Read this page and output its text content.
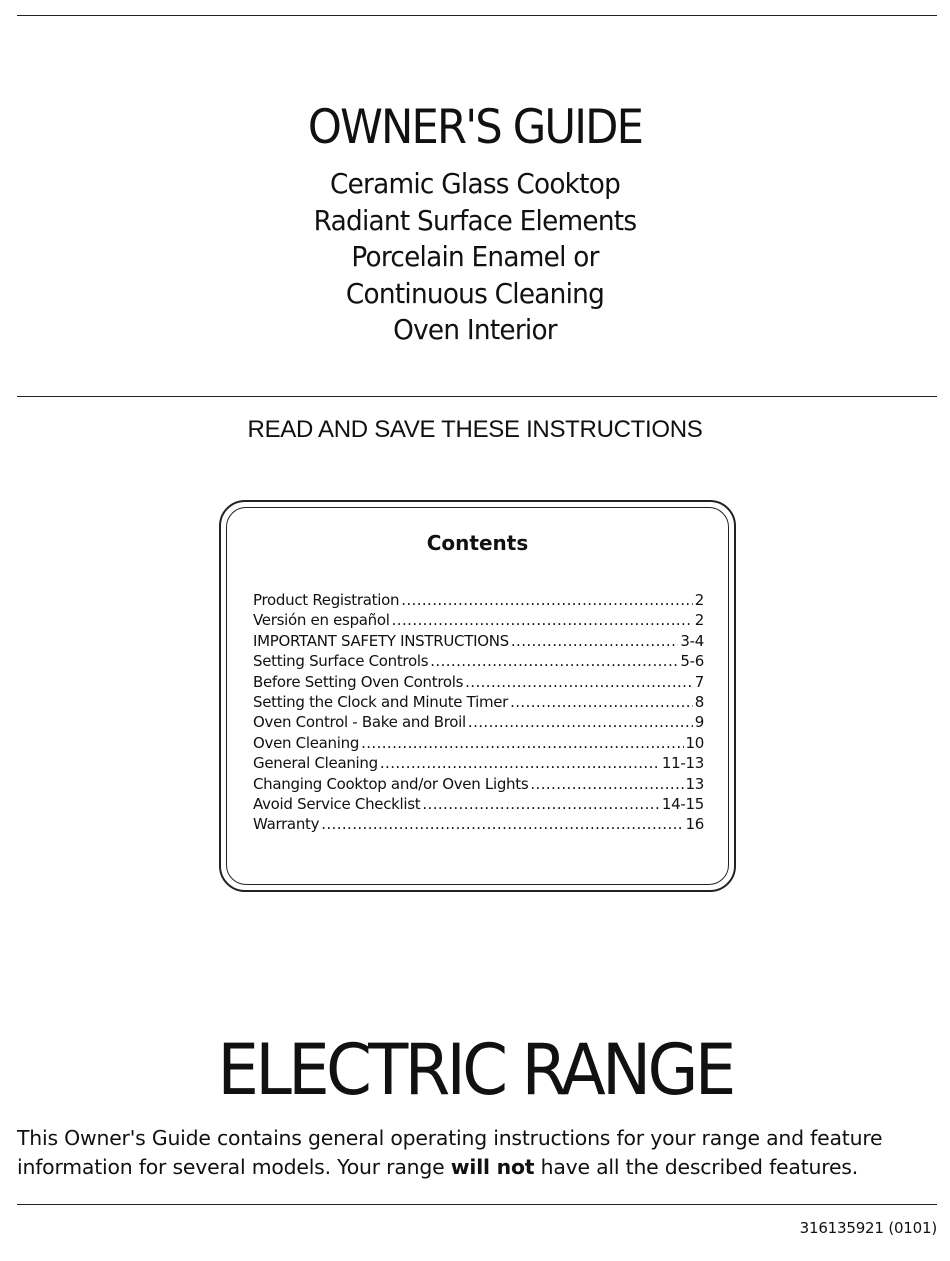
OWNER'S GUIDE
Ceramic Glass Cooktop
Radiant Surface Elements
Porcelain Enamel or
Continuous Cleaning
Oven Interior
READ AND SAVE THESE INSTRUCTIONS
Contents
Product Registration .....	2
Versión en español .....	2
IMPORTANT SAFETY INSTRUCTIONS .....	3-4
Setting Surface Controls .....	5-6
Before Setting Oven Controls .....	7
Setting the Clock and Minute Timer .....	8
Oven Control - Bake and Broil .....	9
Oven Cleaning .....	10
General Cleaning .....	11-13
Changing Cooktop and/or Oven Lights .....	13
Avoid Service Checklist .....	14-15
Warranty .....	16
ELECTRIC RANGE

This Owner's Guide contains general operating instructions for your range and feature

information for several models. Your range will not have all the described features.

316135921 (0101)
